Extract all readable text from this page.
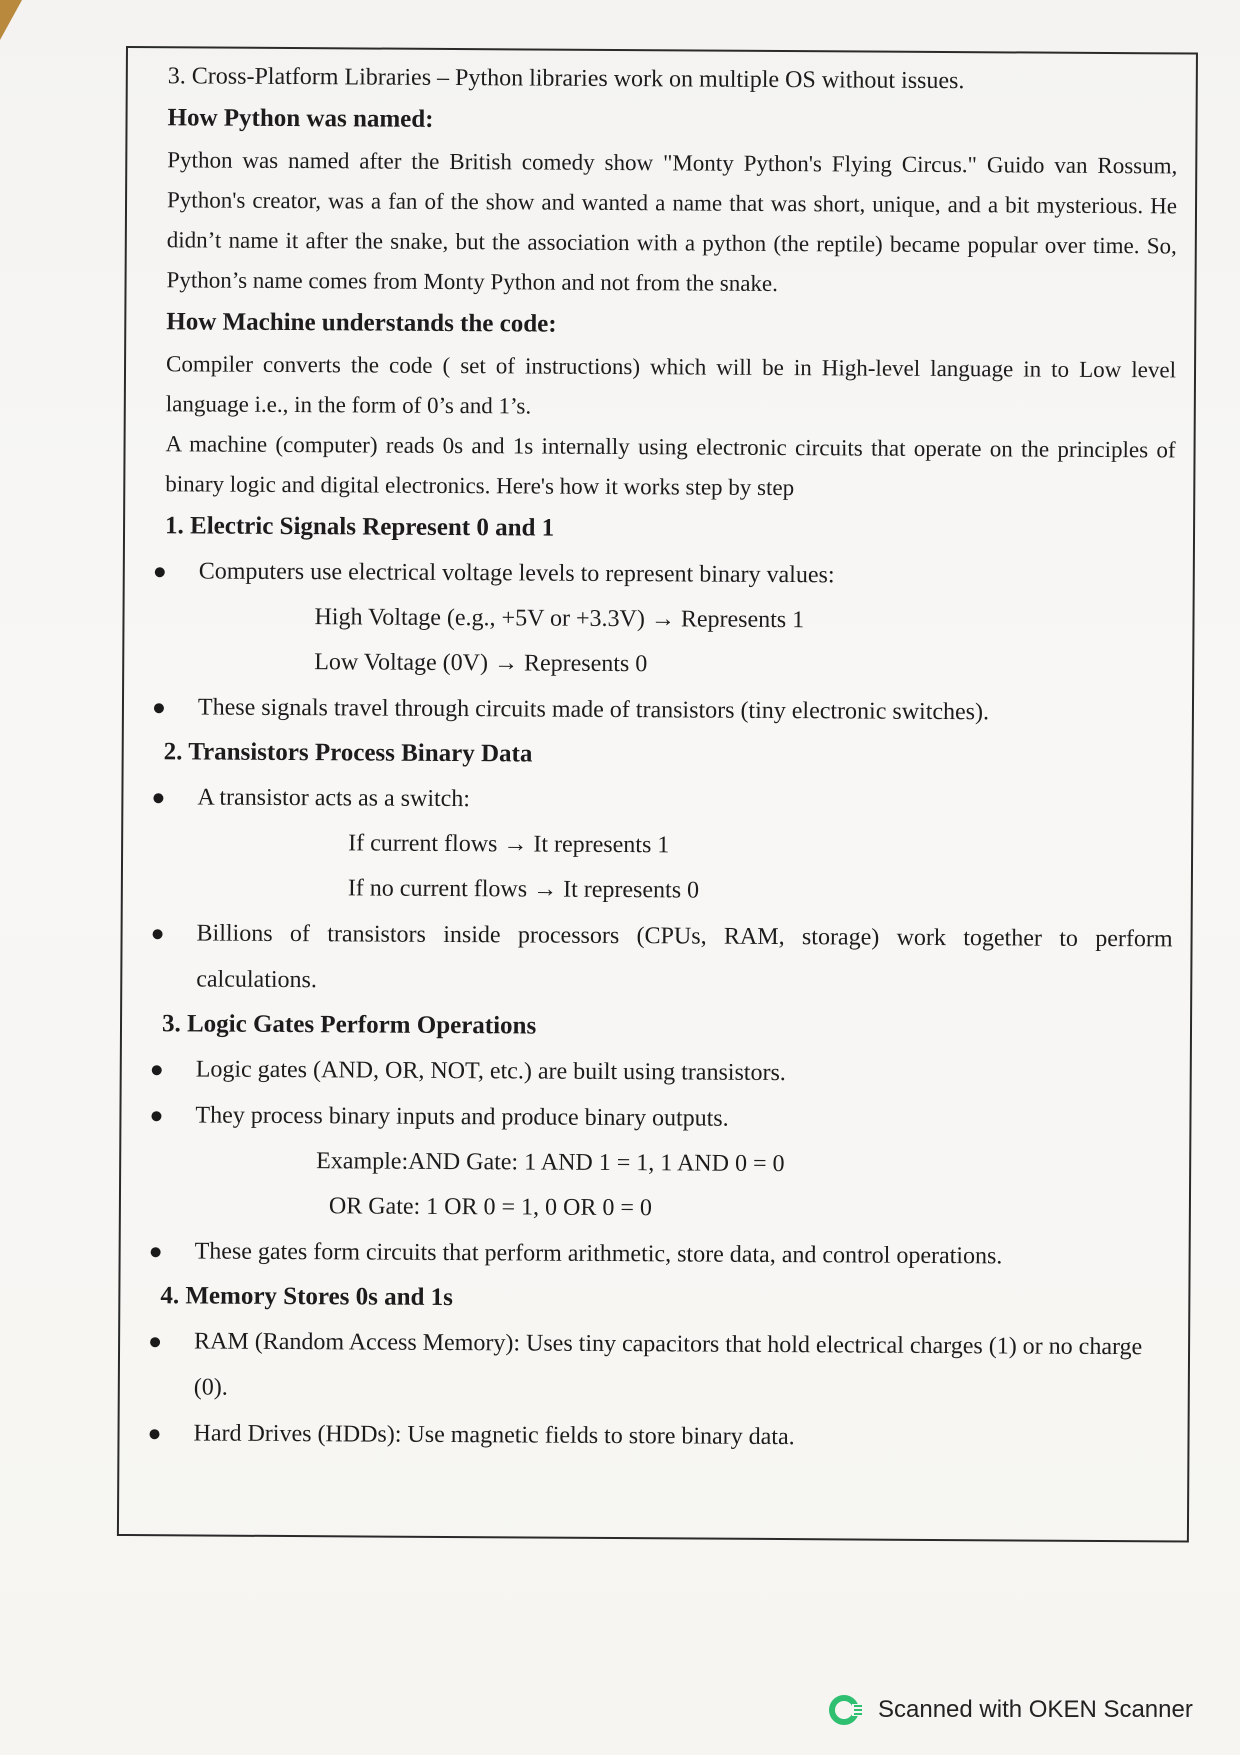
3. Cross-Platform Libraries – Python libraries work on multiple OS without issues.
How Python was named:

Python was named after the British comedy show "Monty Python's Flying Circus." Guido van Rossum, Python's creator, was a fan of the show and wanted a name that was short, unique, and a bit mysterious. He didn’t name it after the snake, but the association with a python (the reptile) became popular over time. So, Python’s name comes from Monty Python and not from the snake.

How Machine understands the code:

Compiler converts the code ( set of instructions) which will be in High-level language in to Low level language i.e., in the form of 0’s and 1’s.

A machine (computer) reads 0s and 1s internally using electronic circuits that operate on the principles of binary logic and digital electronics. Here's how it works step by step

1. Electric Signals Represent 0 and 1
Computers use electrical voltage levels to represent binary values:
High Voltage (e.g., +5V or +3.3V) → Represents 1
Low Voltage (0V) → Represents 0
These signals travel through circuits made of transistors (tiny electronic switches).
2. Transistors Process Binary Data
A transistor acts as a switch:
If current flows → It represents 1
If no current flows → It represents 0
Billions of transistors inside processors (CPUs, RAM, storage) work together to perform calculations.
3. Logic Gates Perform Operations
Logic gates (AND, OR, NOT, etc.) are built using transistors.
They process binary inputs and produce binary outputs.
Example:AND Gate: 1 AND 1 = 1, 1 AND 0 = 0
OR Gate: 1 OR 0 = 1, 0 OR 0 = 0
These gates form circuits that perform arithmetic, store data, and control operations.
4. Memory Stores 0s and 1s
RAM (Random Access Memory): Uses tiny capacitors that hold electrical charges (1) or no charge (0).
Hard Drives (HDDs): Use magnetic fields to store binary data.
Scanned with OKEN Scanner
